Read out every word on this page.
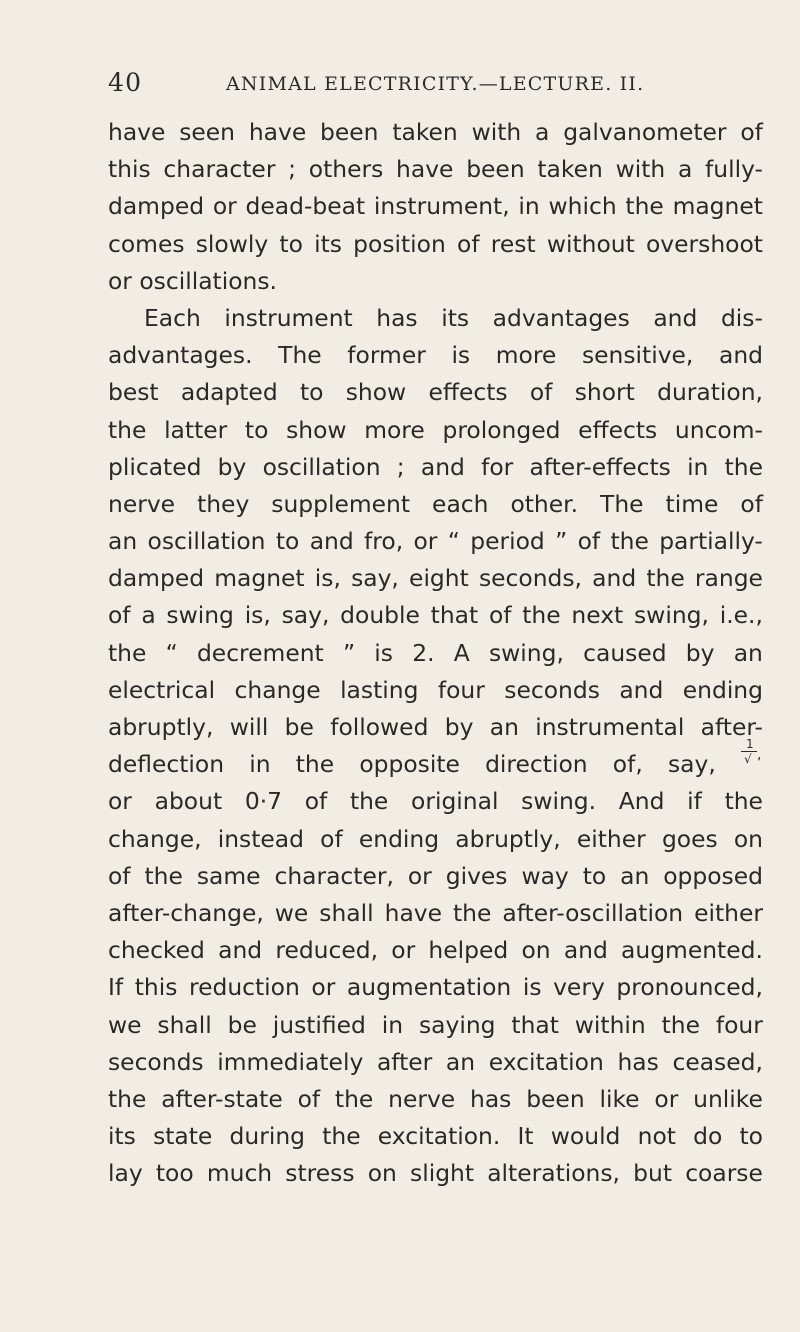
40	ANIMAL ELECTRICITY.—LECTURE. II.
have seen have been taken with a galvanometer of
this character ; others have been taken with a fully-
damped or dead-beat instrument, in which the magnet
comes slowly to its position of rest without overshoot
or oscillations.
Each instrument has its advantages and dis-
advantages. The former is more sensitive, and
best adapted to show effects of short duration,
the latter to show more prolonged effects uncom-
plicated by oscillation ; and for after-effects in the
nerve they supplement each other. The time of
an oscillation to and fro, or “ period ” of the partially-
damped magnet is, say, eight seconds, and the range
of a swing is, say, double that of the next swing, i.e.,
the “ decrement ” is 2. A swing, caused by an
electrical change lasting four seconds and ending
abruptly, will be followed by an instrumental after-
deflection in the opposite direction of, say,
1
√ ,
or about 0·7 of the original swing. And if the
change, instead of ending abruptly, either goes on
of the same character, or gives way to an opposed
after-change, we shall have the after-oscillation either
checked and reduced, or helped on and augmented.
If this reduction or augmentation is very pronounced,
we shall be justified in saying that within the four
seconds immediately after an excitation has ceased,
the after-state of the nerve has been like or unlike
its state during the excitation. It would not do to
lay too much stress on slight alterations, but coarse
